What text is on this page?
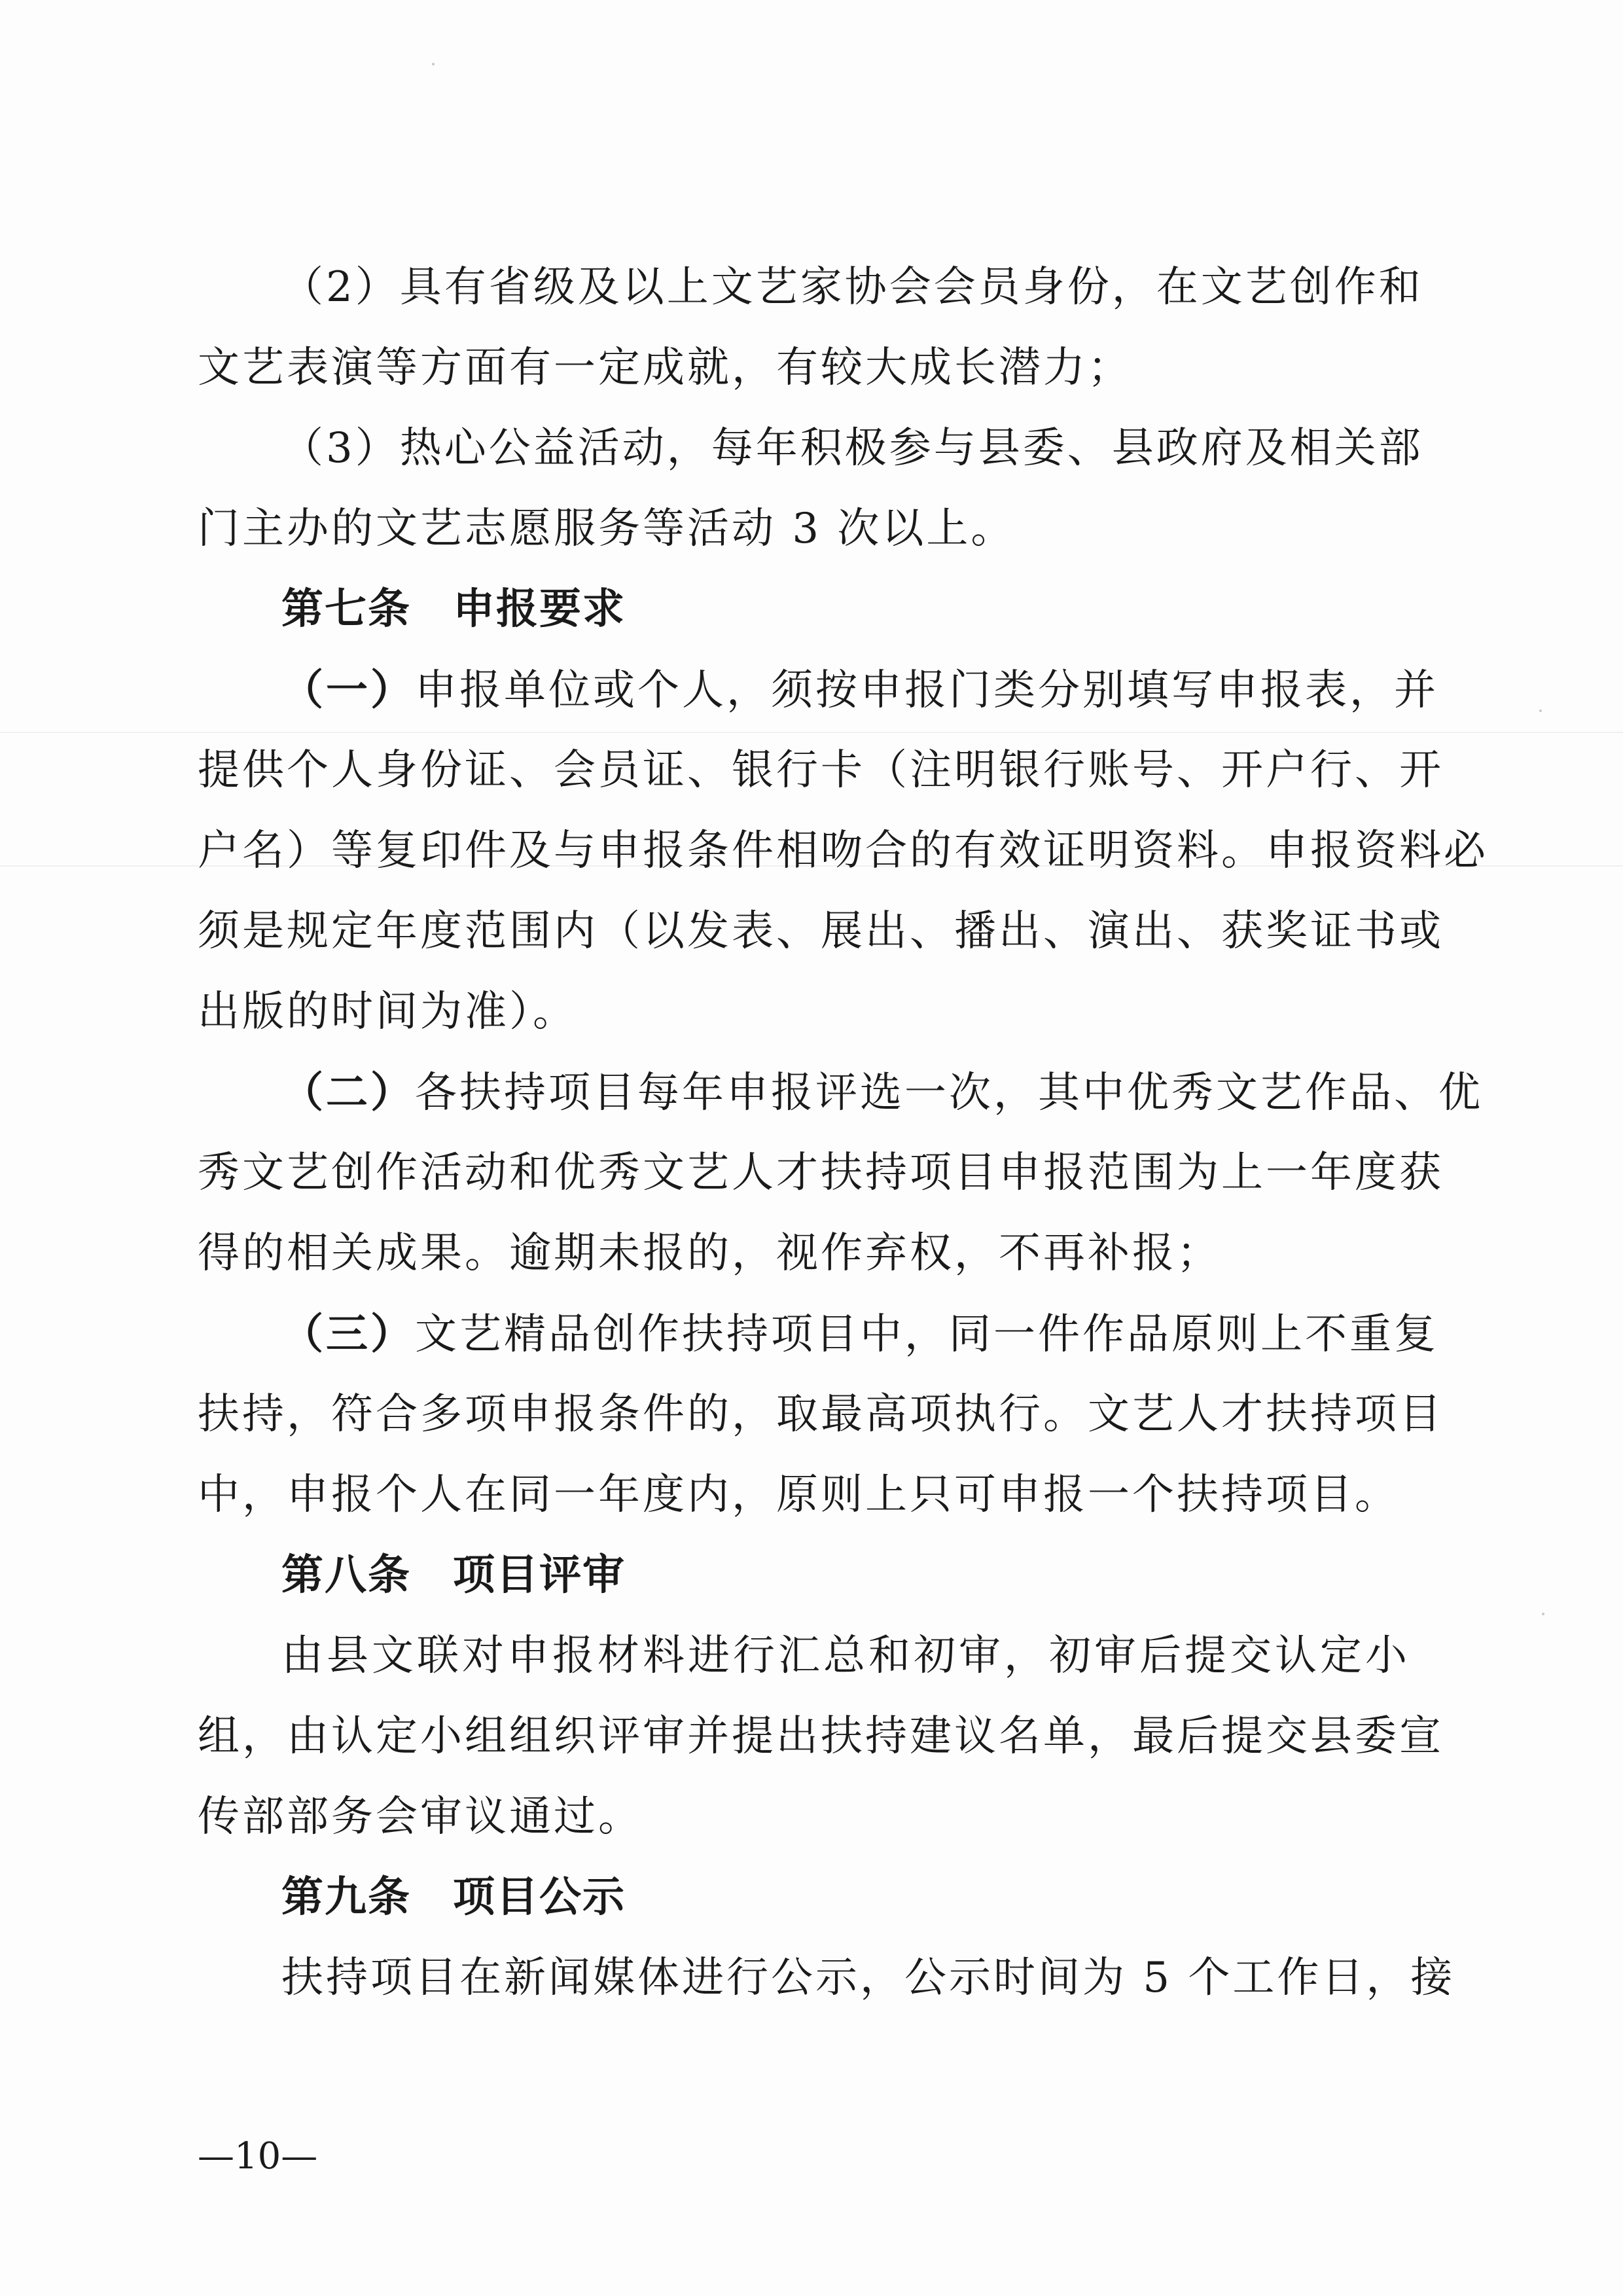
（2）具有省级及以上文艺家协会会员身份，在文艺创作和
文艺表演等方面有一定成就，有较大成长潜力；
（3）热心公益活动，每年积极参与县委、县政府及相关部
门主办的文艺志愿服务等活动 3 次以上。
第七条 申报要求
（一）申报单位或个人，须按申报门类分别填写申报表，并
提供个人身份证、会员证、银行卡（注明银行账号、开户行、开
户名）等复印件及与申报条件相吻合的有效证明资料。申报资料必
须是规定年度范围内（以发表、展出、播出、演出、获奖证书或
出版的时间为准）。
（二）各扶持项目每年申报评选一次，其中优秀文艺作品、优
秀文艺创作活动和优秀文艺人才扶持项目申报范围为上一年度获
得的相关成果。逾期未报的，视作弃权，不再补报；
（三）文艺精品创作扶持项目中，同一件作品原则上不重复
扶持，符合多项申报条件的，取最高项执行。文艺人才扶持项目
中，申报个人在同一年度内，原则上只可申报一个扶持项目。
第八条 项目评审
由县文联对申报材料进行汇总和初审，初审后提交认定小
组，由认定小组组织评审并提出扶持建议名单，最后提交县委宣
传部部务会审议通过。
第九条 项目公示
扶持项目在新闻媒体进行公示，公示时间为 5 个工作日，接
—10—
